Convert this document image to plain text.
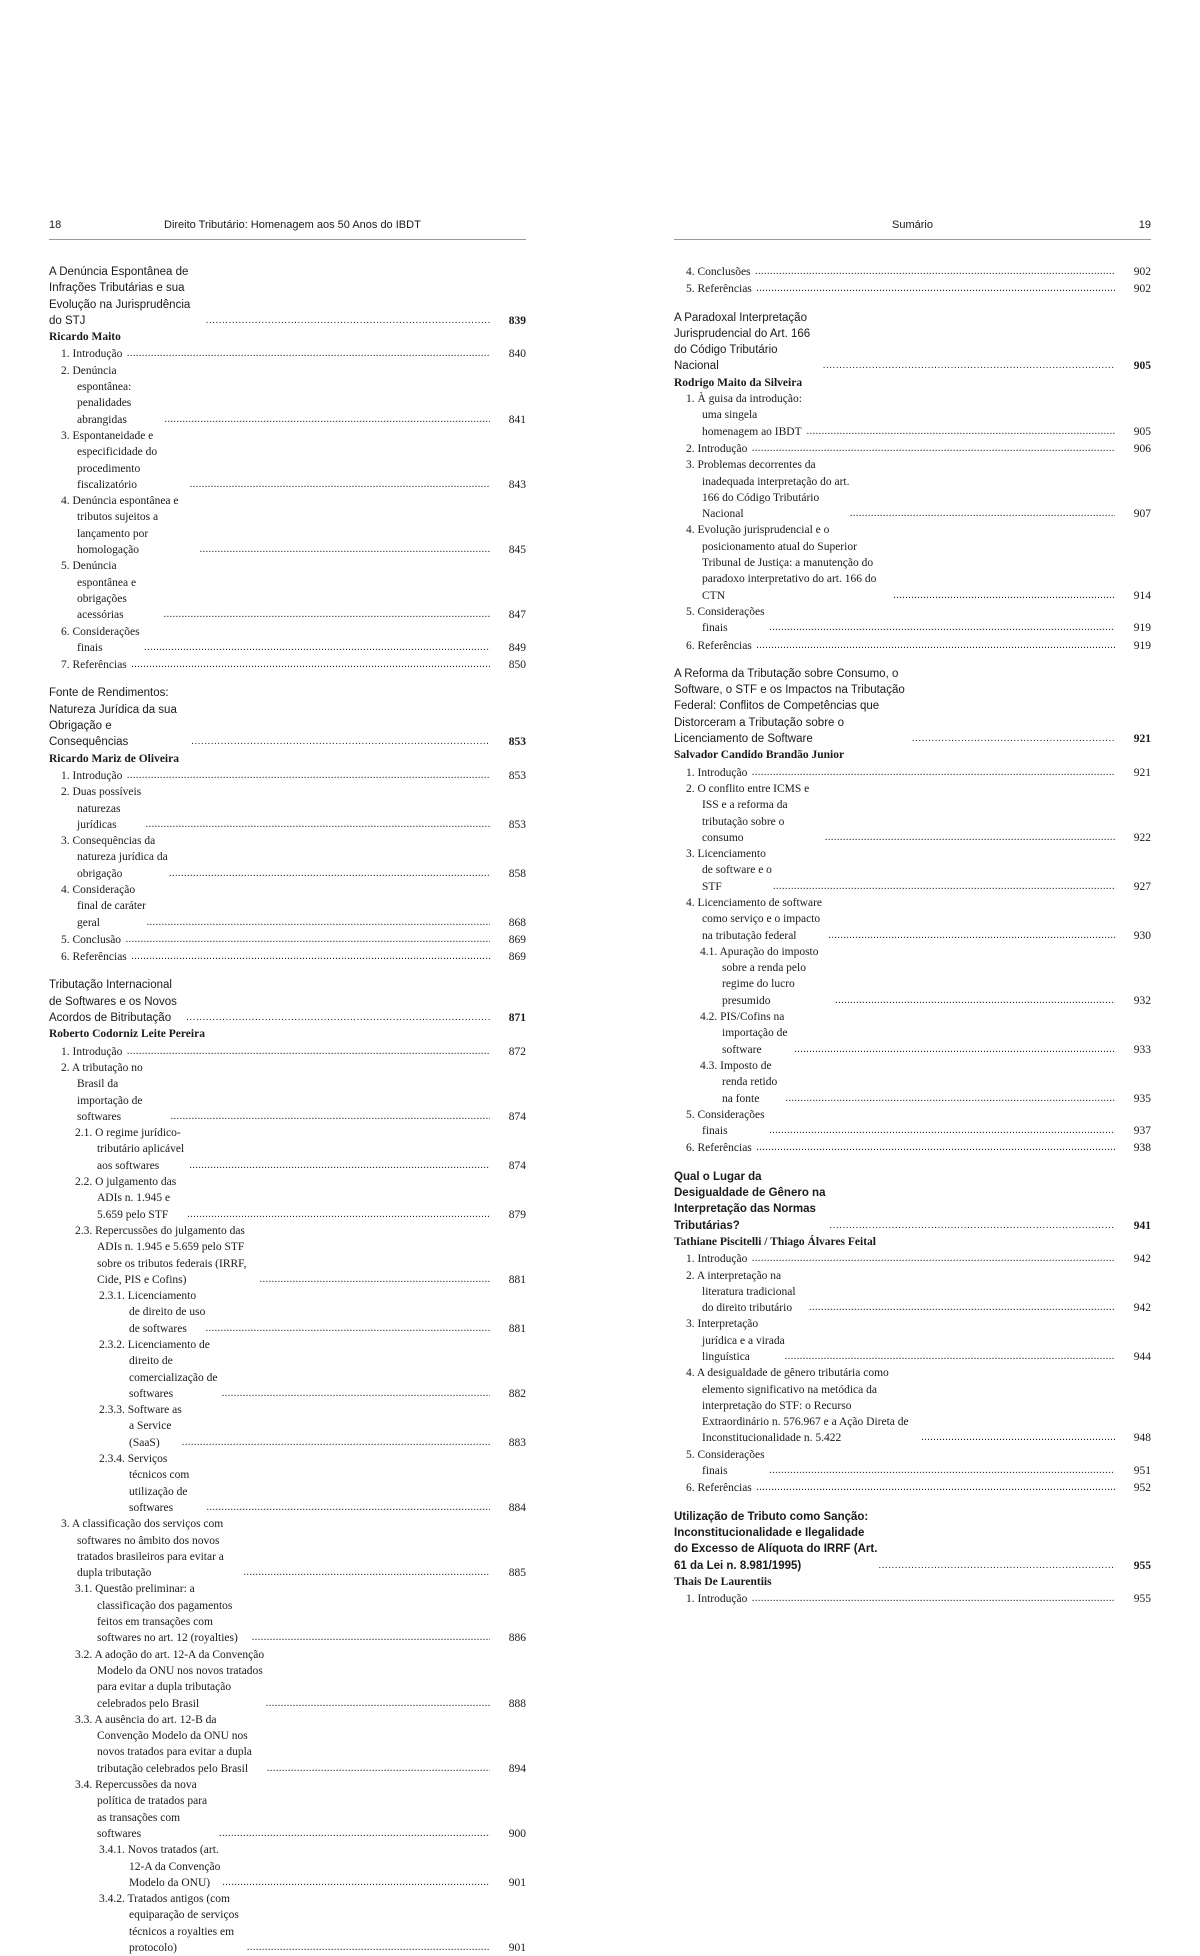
18	Direito Tributário: Homenagem aos 50 Anos do IBDT
A Denúncia Espontânea de Infrações Tributárias e sua Evolução na Jurisprudência do STJ .....	839
Ricardo Maito
1. Introdução .....	840
2. Denúncia espontânea: penalidades abrangidas .....	841
3. Espontaneidade e especificidade do procedimento fiscalizatório .....	843
4. Denúncia espontânea e tributos sujeitos a lançamento por homologação .....	845
5. Denúncia espontânea e obrigações acessórias .....	847
6. Considerações finais .....	849
7. Referências .....	850
Fonte de Rendimentos: Natureza Jurídica da sua Obrigação e Consequências .....	853
Ricardo Mariz de Oliveira
1. Introdução .....	853
2. Duas possíveis naturezas jurídicas .....	853
3. Consequências da natureza jurídica da obrigação .....	858
4. Consideração final de caráter geral .....	868
5. Conclusão .....	869
6. Referências .....	869
Tributação Internacional de Softwares e os Novos Acordos de Bitributação .....	871
Roberto Codorniz Leite Pereira
1. Introdução .....	872
2. A tributação no Brasil da importação de softwares .....	874
2.1. O regime jurídico-tributário aplicável aos softwares .....	874
2.2. O julgamento das ADIs n. 1.945 e 5.659 pelo STF .....	879
2.3. Repercussões do julgamento das ADIs n. 1.945 e 5.659 pelo STF sobre os tributos federais (IRRF, Cide, PIS e Cofins) .....	881
2.3.1. Licenciamento de direito de uso de softwares .....	881
2.3.2. Licenciamento de direito de comercialização de softwares .....	882
2.3.3. Software as a Service (SaaS) .....	883
2.3.4. Serviços técnicos com utilização de softwares .....	884
3. A classificação dos serviços com softwares no âmbito dos novos tratados brasileiros para evitar a dupla tributação .....	885
3.1. Questão preliminar: a classificação dos pagamentos feitos em transações com softwares no art. 12 (royalties) .....	886
3.2. A adoção do art. 12-A da Convenção Modelo da ONU nos novos tratados para evitar a dupla tributação celebrados pelo Brasil .....	888
3.3. A ausência do art. 12-B da Convenção Modelo da ONU nos novos tratados para evitar a dupla tributação celebrados pelo Brasil .....	894
3.4. Repercussões da nova política de tratados para as transações com softwares .....	900
3.4.1. Novos tratados (art. 12-A da Convenção Modelo da ONU) .....	901
3.4.2. Tratados antigos (com equiparação de serviços técnicos a royalties em protocolo) .....	901
Sumário	19
4. Conclusões .....	902
5. Referências .....	902
A Paradoxal Interpretação Jurisprudencial do Art. 166 do Código Tributário Nacional .....	905
Rodrigo Maito da Silveira
1. À guisa da introdução: uma singela homenagem ao IBDT .....	905
2. Introdução .....	906
3. Problemas decorrentes da inadequada interpretação do art. 166 do Código Tributário Nacional .....	907
4. Evolução jurisprudencial e o posicionamento atual do Superior Tribunal de Justiça: a manutenção do paradoxo interpretativo do art. 166 do CTN .....	914
5. Considerações finais .....	919
6. Referências .....	919
A Reforma da Tributação sobre Consumo, o Software, o STF e os Impactos na Tributação Federal: Conflitos de Competências que Distorceram a Tributação sobre o Licenciamento de Software .....	921
Salvador Candido Brandão Junior
1. Introdução .....	921
2. O conflito entre ICMS e ISS e a reforma da tributação sobre o consumo .....	922
3. Licenciamento de software e o STF .....	927
4. Licenciamento de software como serviço e o impacto na tributação federal .....	930
4.1. Apuração do imposto sobre a renda pelo regime do lucro presumido .....	932
4.2. PIS/Cofins na importação de software .....	933
4.3. Imposto de renda retido na fonte .....	935
5. Considerações finais .....	937
6. Referências .....	938
Qual o Lugar da Desigualdade de Gênero na Interpretação das Normas Tributárias? .....	941
Tathiane Piscitelli / Thiago Álvares Feital
1. Introdução .....	942
2. A interpretação na literatura tradicional do direito tributário .....	942
3. Interpretação jurídica e a virada linguística .....	944
4. A desigualdade de gênero tributária como elemento significativo na metódica da interpretação do STF: o Recurso Extraordinário n. 576.967 e a Ação Direta de Inconstitucionalidade n. 5.422 .....	948
5. Considerações finais .....	951
6. Referências .....	952
Utilização de Tributo como Sanção: Inconstitucionalidade e Ilegalidade do Excesso de Alíquota do IRRF (Art. 61 da Lei n. 8.981/1995) .....	955
Thais De Laurentiis
1. Introdução .....	955
